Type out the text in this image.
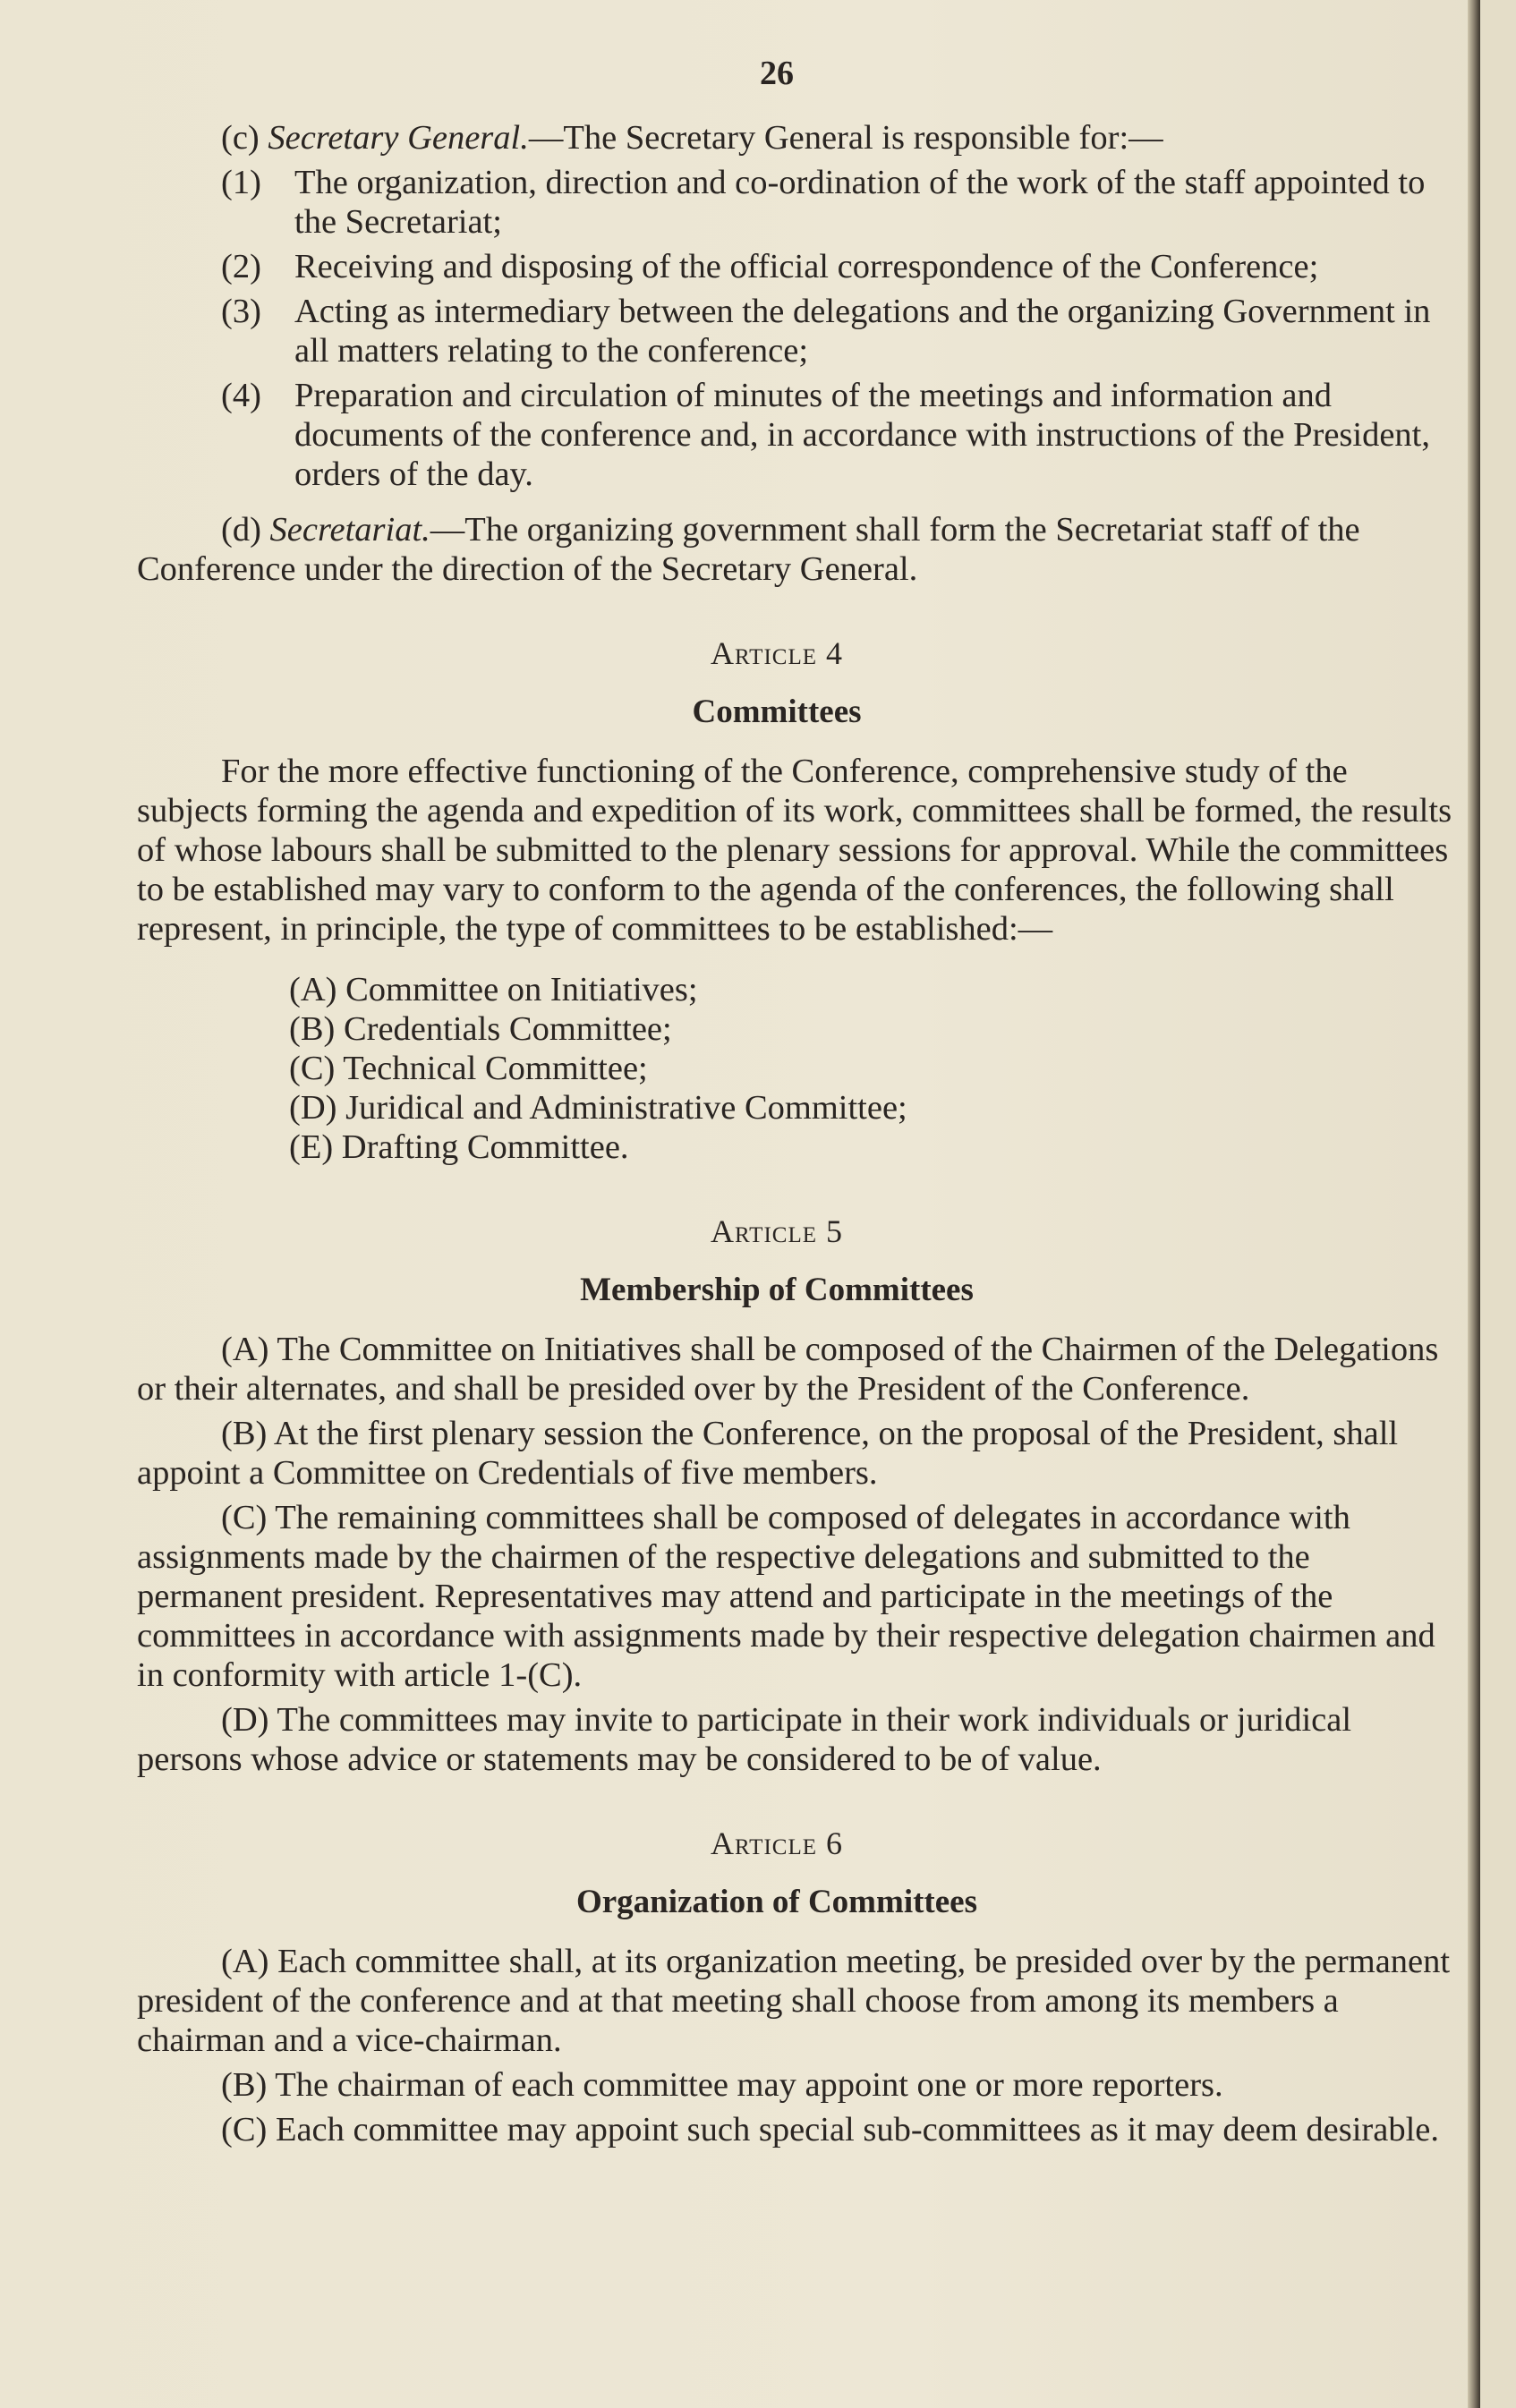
26
(c) Secretary General.—The Secretary General is responsible for:—
(1) The organization, direction and co-ordination of the work of the staff appointed to the Secretariat;
(2) Receiving and disposing of the official correspondence of the Conference;
(3) Acting as intermediary between the delegations and the organizing Government in all matters relating to the conference;
(4) Preparation and circulation of minutes of the meetings and information and documents of the conference and, in accordance with instructions of the President, orders of the day.
(d) Secretariat.—The organizing government shall form the Secretariat staff of the Conference under the direction of the Secretary General.
Article 4
Committees
For the more effective functioning of the Conference, comprehensive study of the subjects forming the agenda and expedition of its work, committees shall be formed, the results of whose labours shall be submitted to the plenary sessions for approval. While the committees to be established may vary to conform to the agenda of the conferences, the following shall represent, in principle, the type of committees to be established:—
(A) Committee on Initiatives;
(B) Credentials Committee;
(C) Technical Committee;
(D) Juridical and Administrative Committee;
(E) Drafting Committee.
Article 5
Membership of Committees
(A) The Committee on Initiatives shall be composed of the Chairmen of the Delegations or their alternates, and shall be presided over by the President of the Conference.
(B) At the first plenary session the Conference, on the proposal of the President, shall appoint a Committee on Credentials of five members.
(C) The remaining committees shall be composed of delegates in accordance with assignments made by the chairmen of the respective delegations and submitted to the permanent president. Representatives may attend and participate in the meetings of the committees in accordance with assignments made by their respective delegation chairmen and in conformity with article 1-(C).
(D) The committees may invite to participate in their work individuals or juridical persons whose advice or statements may be considered to be of value.
Article 6
Organization of Committees
(A) Each committee shall, at its organization meeting, be presided over by the permanent president of the conference and at that meeting shall choose from among its members a chairman and a vice-chairman.
(B) The chairman of each committee may appoint one or more reporters.
(C) Each committee may appoint such special sub-committees as it may deem desirable.
